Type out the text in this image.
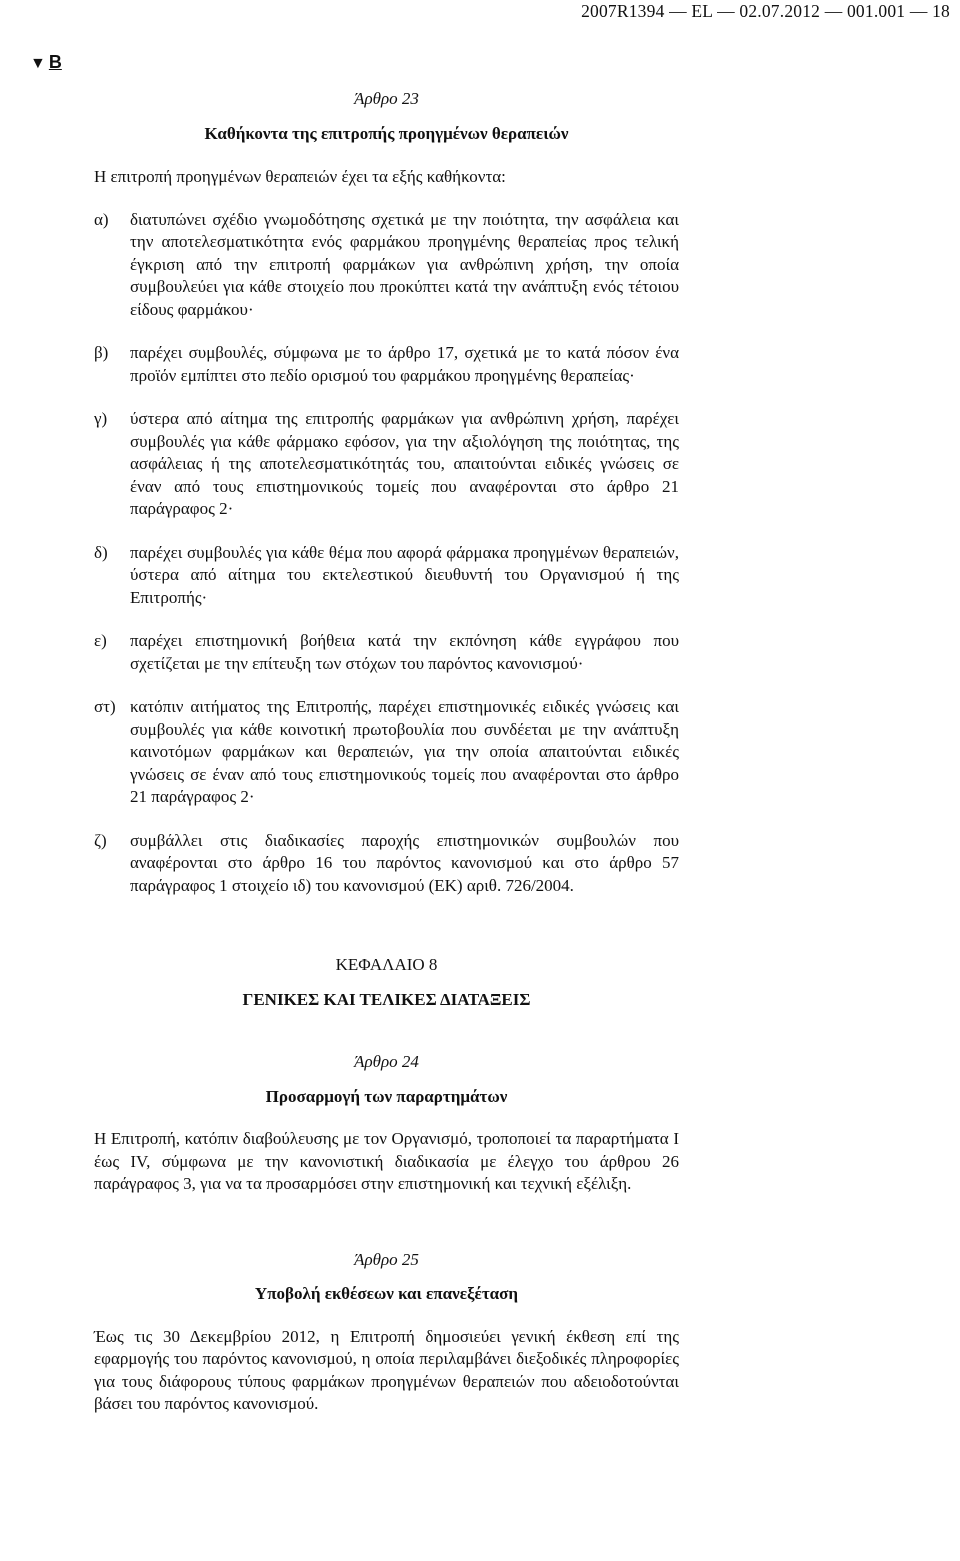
2007R1394 — EL — 02.07.2012 — 001.001 — 18
▼ B

Άρθρο 23

Καθήκοντα της επιτροπής προηγμένων θεραπειών

Η επιτροπή προηγμένων θεραπειών έχει τα εξής καθήκοντα:

α)	διατυπώνει σχέδιο γνωμοδότησης σχετικά με την ποιότητα, την ασφάλεια και την αποτελεσματικότητα ενός φαρμάκου προηγμένης θεραπείας προς τελική έγκριση από την επιτροπή φαρμάκων για ανθρώπινη χρήση, την οποία συμβουλεύει για κάθε στοιχείο που προκύπτει κατά την ανάπτυξη ενός τέτοιου είδους φαρμάκου·
β)	παρέχει συμβουλές, σύμφωνα με το άρθρο 17, σχετικά με το κατά πόσον ένα προϊόν εμπίπτει στο πεδίο ορισμού του φαρμάκου προηγμένης θεραπείας·
γ)	ύστερα από αίτημα της επιτροπής φαρμάκων για ανθρώπινη χρήση, παρέχει συμβουλές για κάθε φάρμακο εφόσον, για την αξιολόγηση της ποιότητας, της ασφάλειας ή της αποτελεσματικότητάς του, απαιτούνται ειδικές γνώσεις σε έναν από τους επιστημονικούς τομείς που αναφέρονται στο άρθρο 21 παράγραφος 2·
δ)	παρέχει συμβουλές για κάθε θέμα που αφορά φάρμακα προηγμένων θεραπειών, ύστερα από αίτημα του εκτελεστικού διευθυντή του Οργανισμού ή της Επιτροπής·
ε)	παρέχει επιστημονική βοήθεια κατά την εκπόνηση κάθε εγγράφου που σχετίζεται με την επίτευξη των στόχων του παρόντος κανονισμού·
στ) κατόπιν αιτήματος της Επιτροπής, παρέχει επιστημονικές ειδικές γνώσεις και συμβουλές για κάθε κοινοτική πρωτοβουλία που συνδέεται με την ανάπτυξη καινοτόμων φαρμάκων και θεραπειών, για την οποία απαιτούνται ειδικές γνώσεις σε έναν από τους επιστημονικούς τομείς που αναφέρονται στο άρθρο 21 παράγραφος 2·
ζ)	συμβάλλει στις διαδικασίες παροχής επιστημονικών συμβουλών που αναφέρονται στο άρθρο 16 του παρόντος κανονισμού και στο άρθρο 57 παράγραφος 1 στοιχείο ιδ) του κανονισμού (ΕΚ) αριθ. 726/2004.

ΚΕΦΑΛΑΙΟ 8

ΓΕΝΙΚΕΣ ΚΑΙ ΤΕΛΙΚΕΣ ΔΙΑΤΑΞΕΙΣ

Άρθρο 24

Προσαρμογή των παραρτημάτων

Η Επιτροπή, κατόπιν διαβούλευσης με τον Οργανισμό, τροποποιεί τα παραρτήματα I έως IV, σύμφωνα με την κανονιστική διαδικασία με έλεγχο του άρθρου 26 παράγραφος 3, για να τα προσαρμόσει στην επιστημονική και τεχνική εξέλιξη.

Άρθρο 25

Υποβολή εκθέσεων και επανεξέταση

Έως τις 30 Δεκεμβρίου 2012, η Επιτροπή δημοσιεύει γενική έκθεση επί της εφαρμογής του παρόντος κανονισμού, η οποία περιλαμβάνει διεξοδικές πληροφορίες για τους διάφορους τύπους φαρμάκων προηγμένων θεραπειών που αδειοδοτούνται βάσει του παρόντος κανονισμού.
